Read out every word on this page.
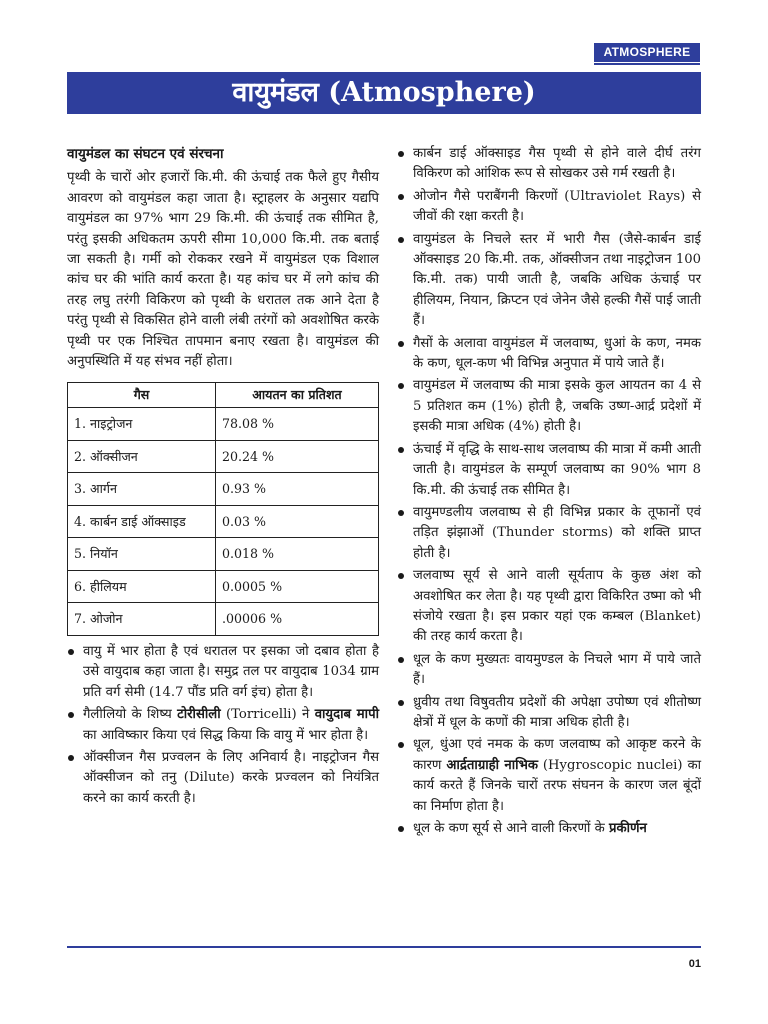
ATMOSPHERE
वायुमंडल (Atmosphere)
वायुमंडल का संघटन एवं संरचना

पृथ्वी के चारों ओर हजारों कि.मी. की ऊंचाई तक फैले हुए गैसीय आवरण को वायुमंडल कहा जाता है। स्ट्राहलर के अनुसार यद्यपि वायुमंडल का 97% भाग 29 कि.मी. की ऊंचाई तक सीमित है, परंतु इसकी अधिकतम ऊपरी सीमा 10,000 कि.मी. तक बताई जा सकती है। गर्मी को रोककर रखने में वायुमंडल एक विशाल कांच घर की भांति कार्य करता है। यह कांच घर में लगे कांच की तरह लघु तरंगी विकिरण को पृथ्वी के धरातल तक आने देता है परंतु पृथ्वी से विकसित होने वाली लंबी तरंगों को अवशोषित करके पृथ्वी पर एक निश्चित तापमान बनाए रखता है। वायुमंडल की अनुपस्थिति में यह संभव नहीं होता।

गैस	आयतन का प्रतिशत
1. नाइट्रोजन	78.08 %
2. ऑक्सीजन	20.24 %
3. आर्गन	0.93 %
4. कार्बन डाई ऑक्साइड	0.03 %
5. नियॉन	0.018 %
6. हीलियम	0.0005 %
7. ओजोन	.00006 %
वायु में भार होता है एवं धरातल पर इसका जो दबाव होता है उसे वायुदाब कहा जाता है। समुद्र तल पर वायुदाब 1034 ग्राम प्रति वर्ग सेमी (14.7 पौंड प्रति वर्ग इंच) होता है।
गैलीलियो के शिष्य टोरीसीली (Torricelli) ने वायुदाब मापी का आविष्कार किया एवं सिद्ध किया कि वायु में भार होता है।
ऑक्सीजन गैस प्रज्वलन के लिए अनिवार्य है। नाइट्रोजन गैस ऑक्सीजन को तनु (Dilute) करके प्रज्वलन को नियंत्रित करने का कार्य करती है।
कार्बन डाई ऑक्साइड गैस पृथ्वी से होने वाले दीर्घ तरंग विकिरण को आंशिक रूप से सोखकर उसे गर्म रखती है।
ओजोन गैसे पराबैंगनी किरणों (Ultraviolet Rays) से जीवों की रक्षा करती है।
वायुमंडल के निचले स्तर में भारी गैस (जैसे-कार्बन डाई ऑक्साइड 20 कि.मी. तक, ऑक्सीजन तथा नाइट्रोजन 100 कि.मी. तक) पायी जाती है, जबकि अधिक ऊंचाई पर हीलियम, नियान, क्रिप्टन एवं जेनेन जैसे हल्की गैसें पाई जाती हैं।
गैसों के अलावा वायुमंडल में जलवाष्प, धुआं के कण, नमक के कण, धूल-कण भी विभिन्न अनुपात में पाये जाते हैं।
वायुमंडल में जलवाष्प की मात्रा इसके कुल आयतन का 4 से 5 प्रतिशत कम (1%) होती है, जबकि उष्ण-आर्द्र प्रदेशों में इसकी मात्रा अधिक (4%) होती है।
ऊंचाई में वृद्धि के साथ-साथ जलवाष्प की मात्रा में कमी आती जाती है। वायुमंडल के सम्पूर्ण जलवाष्प का 90% भाग 8 कि.मी. की ऊंचाई तक सीमित है।
वायुमण्डलीय जलवाष्प से ही विभिन्न प्रकार के तूफानों एवं तड़ित झंझाओं (Thunder storms) को शक्ति प्राप्त होती है।
जलवाष्प सूर्य से आने वाली सूर्यताप के कुछ अंश को अवशोषित कर लेता है। यह पृथ्वी द्वारा विकिरित उष्मा को भी संजोये रखता है। इस प्रकार यहां एक कम्बल (Blanket) की तरह कार्य करता है।
धूल के कण मुख्यतः वायमुण्डल के निचले भाग में पाये जाते हैं।
ध्रुवीय तथा विषुवतीय प्रदेशों की अपेक्षा उपोष्ण एवं शीतोष्ण क्षेत्रों में धूल के कणों की मात्रा अधिक होती है।
धूल, धुंआ एवं नमक के कण जलवाष्प को आकृष्ट करने के कारण आर्द्रताग्राही नाभिक (Hygroscopic nuclei) का कार्य करते हैं जिनके चारों तरफ संघनन के कारण जल बूंदों का निर्माण होता है।
धूल के कण सूर्य से आने वाली किरणों के प्रकीर्णन
01
